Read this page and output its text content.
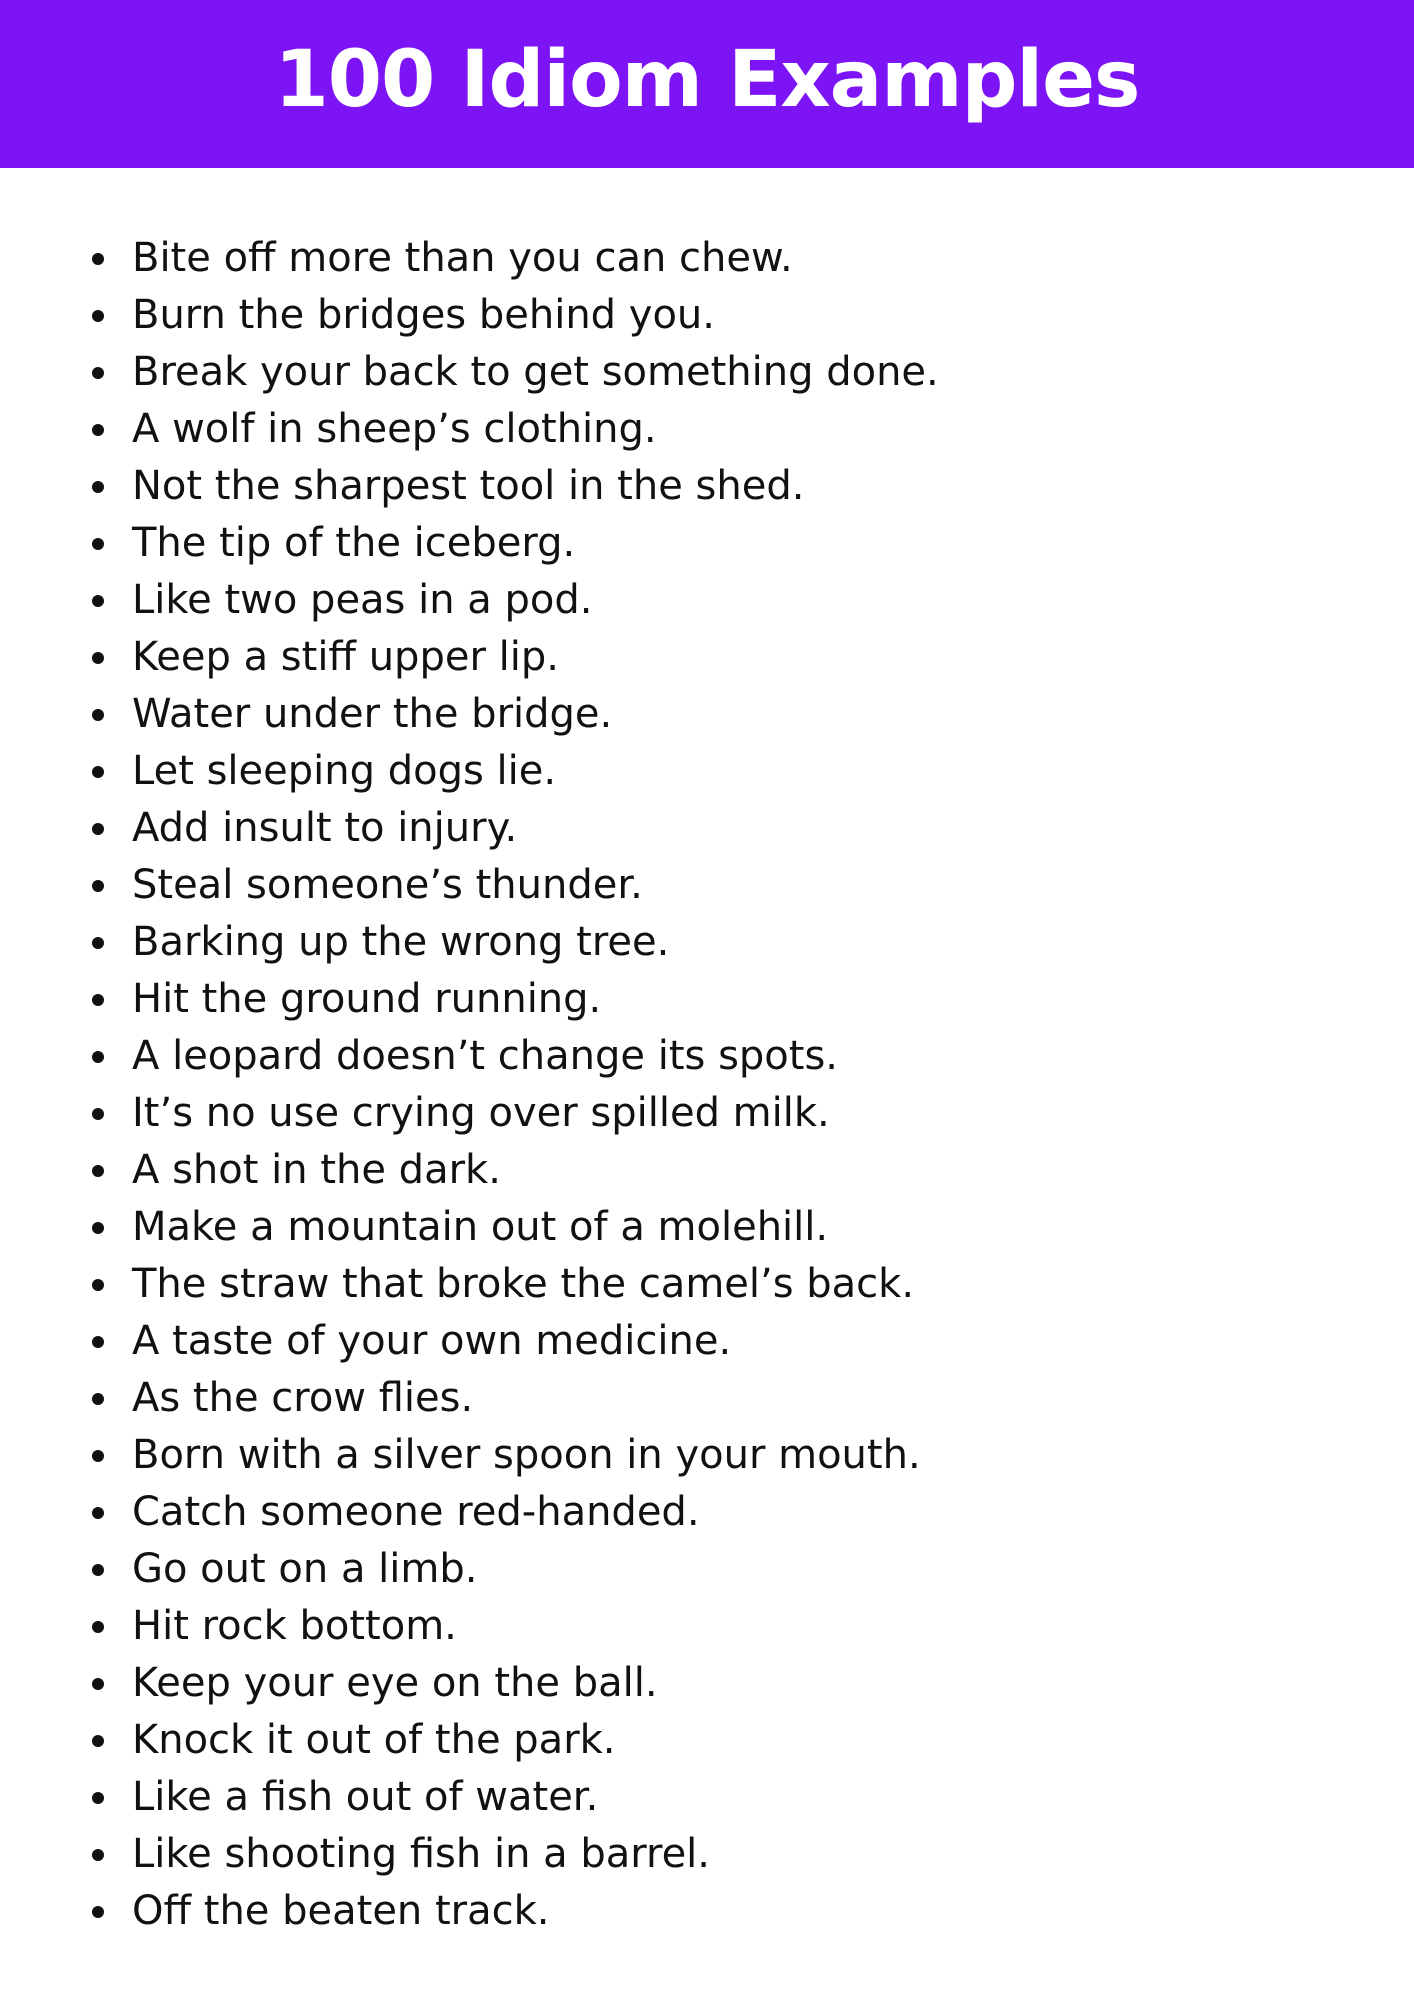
100 Idiom Examples
Bite off more than you can chew.
Burn the bridges behind you.
Break your back to get something done.
A wolf in sheep’s clothing.
Not the sharpest tool in the shed.
The tip of the iceberg.
Like two peas in a pod.
Keep a stiff upper lip.
Water under the bridge.
Let sleeping dogs lie.
Add insult to injury.
Steal someone’s thunder.
Barking up the wrong tree.
Hit the ground running.
A leopard doesn’t change its spots.
It’s no use crying over spilled milk.
A shot in the dark.
Make a mountain out of a molehill.
The straw that broke the camel’s back.
A taste of your own medicine.
As the crow flies.
Born with a silver spoon in your mouth.
Catch someone red-handed.
Go out on a limb.
Hit rock bottom.
Keep your eye on the ball.
Knock it out of the park.
Like a fish out of water.
Like shooting fish in a barrel.
Off the beaten track.
